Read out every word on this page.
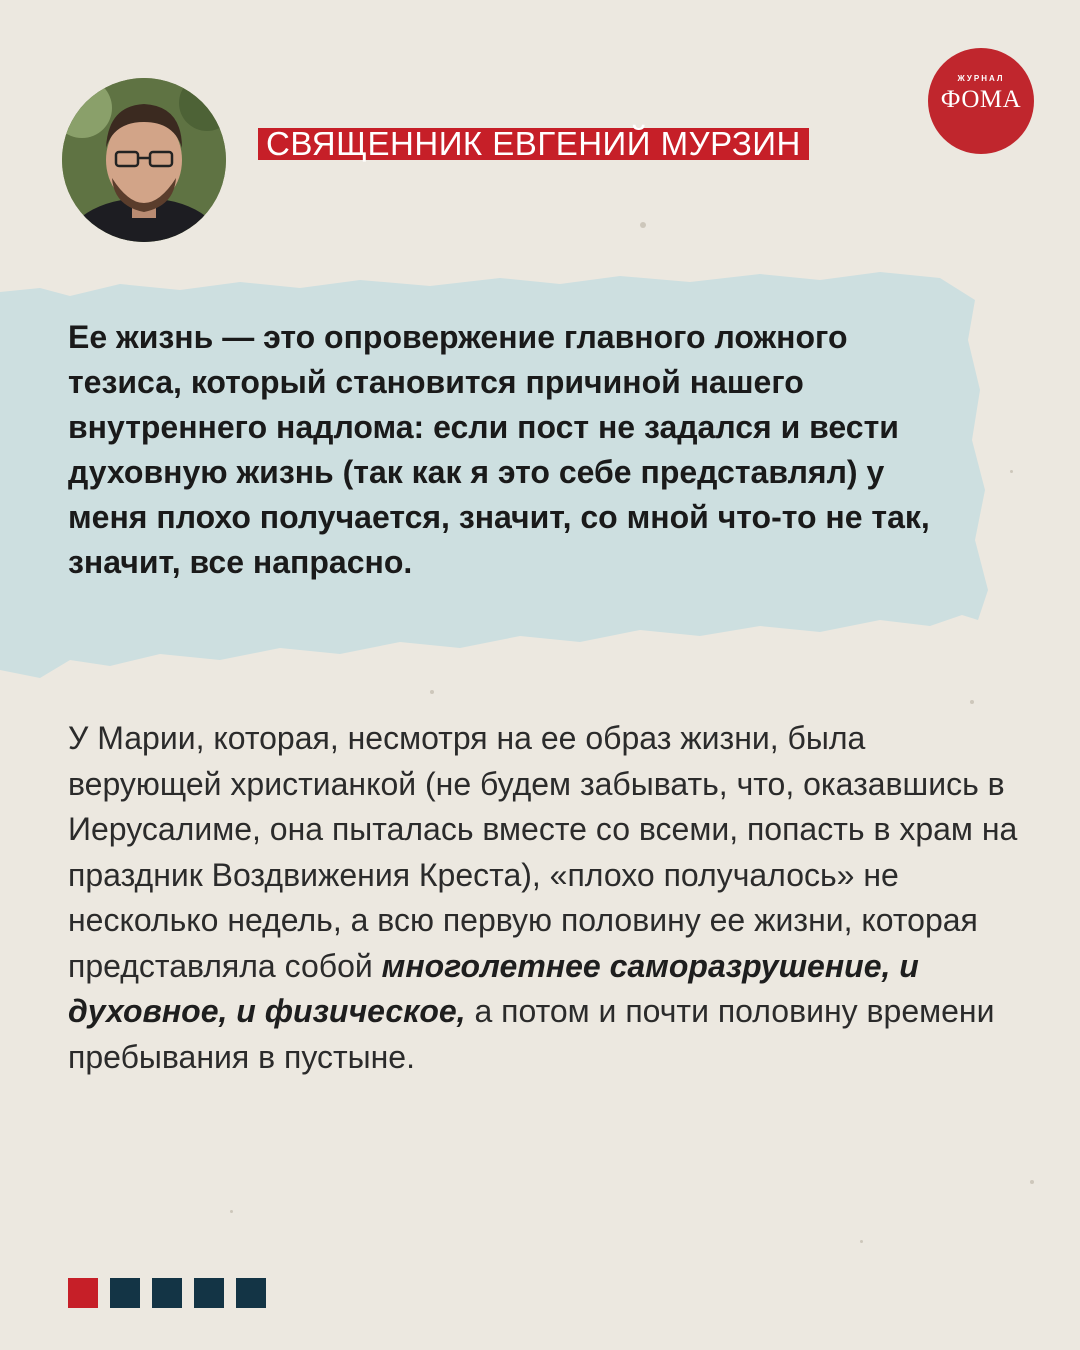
СВЯЩЕННИК ЕВГЕНИЙ МУРЗИН
ЖУРНАЛ
ФОМА
Ее жизнь — это опровержение главного ложного тезиса, который становится причиной нашего внутреннего надлома: если пост не задался и вести духовную жизнь (так как я это себе представлял) у меня плохо получается, значит, со мной что-то не так, значит, все напрасно.
У Марии, которая, несмотря на ее образ жизни, была верующей христианкой (не будем забывать, что, оказавшись в Иерусалиме, она пыталась вместе со всеми, попасть в храм на праздник Воздвижения Креста), «плохо получалось» не несколько недель, а всю первую половину ее жизни, которая представляла собой многолетнее саморазрушение, и духовное, и физическое, а потом и почти половину времени пребывания в пустыне.
